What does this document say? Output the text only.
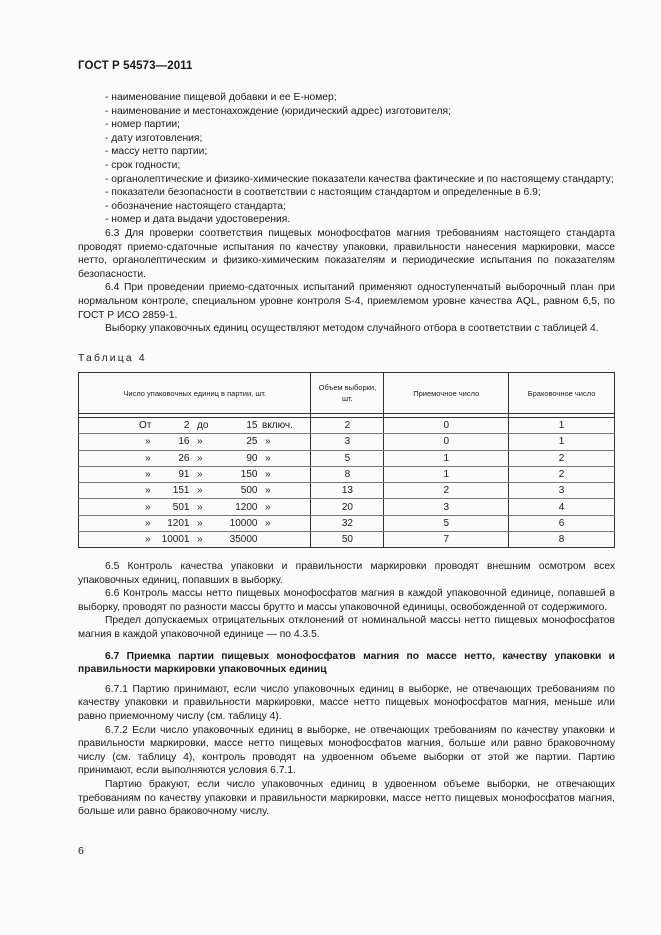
ГОСТ Р 54573—2011

- наименование пищевой добавки и ее Е-номер;

- наименование и местонахождение (юридический адрес) изготовителя;

- номер партии;

- дату изготовления;

- массу нетто партии;

- срок годности;

- органолептические и физико-химические показатели качества фактические и по настоящему стандарту;

- показатели безопасности в соответствии с настоящим стандартом и определенные в 6.9;

- обозначение настоящего стандарта;

- номер и дата выдачи удостоверения.

6.3 Для проверки соответствия пищевых монофосфатов магния требованиям настоящего стандарта проводят приемо-сдаточные испытания по качеству упаковки, правильности нанесения маркировки, массе нетто, органолептическим и физико-химическим показателям и периодические испытания по показателям безопасности.

6.4 При проведении приемо-сдаточных испытаний применяют одноступенчатый выборочный план при нормальном контроле, специальном уровне контроля S-4, приемлемом уровне качества AQL, равном 6,5, по ГОСТ Р ИСО 2859-1.

Выборку упаковочных единиц осуществляют методом случайного отбора в соответствии с таблицей 4.

Таблица 4
Число упаковочных единиц в партии, шт.	Объем выборки, шт.	Приемочное число	Браковочное число

От 2 до 15 включ.	2	0	1

» 16 » 25 »	3	0	1

» 26 » 90 »	5	1	2

» 91 » 150 »	8	1	2

» 151 » 500 »	13	2	3

» 501 » 1200 »	20	3	4

» 1201 » 10000 »	32	5	6

» 10001 » 35000	50	7	8

6.5 Контроль качества упаковки и правильности маркировки проводят внешним осмотром всех упаковочных единиц, попавших в выборку.

6.6 Контроль массы нетто пищевых монофосфатов магния в каждой упаковочной единице, попавшей в выборку, проводят по разности массы брутто и массы упаковочной единицы, освобожденной от содержимого.

Предел допускаемых отрицательных отклонений от номинальной массы нетто пищевых монофосфатов магния в каждой упаковочной единице — по 4.3.5.

6.7 Приемка партии пищевых монофосфатов магния по массе нетто, качеству упаковки и правильности маркировки упаковочных единиц

6.7.1 Партию принимают, если число упаковочных единиц в выборке, не отвечающих требованиям по качеству упаковки и правильности маркировки, массе нетто пищевых монофосфатов магния, меньше или равно приемочному числу (см. таблицу 4).

6.7.2 Если число упаковочных единиц в выборке, не отвечающих требованиям по качеству упаковки и правильности маркировки, массе нетто пищевых монофосфатов магния, больше или равно браковочному числу (см. таблицу 4), контроль проводят на удвоенном объеме выборки от этой же партии. Партию принимают, если выполняются условия 6.7.1.

Партию бракуют, если число упаковочных единиц в удвоенном объеме выборки, не отвечающих требованиям по качеству упаковки и правильности маркировки, массе нетто пищевых монофосфатов магния, больше или равно браковочному числу.

6
